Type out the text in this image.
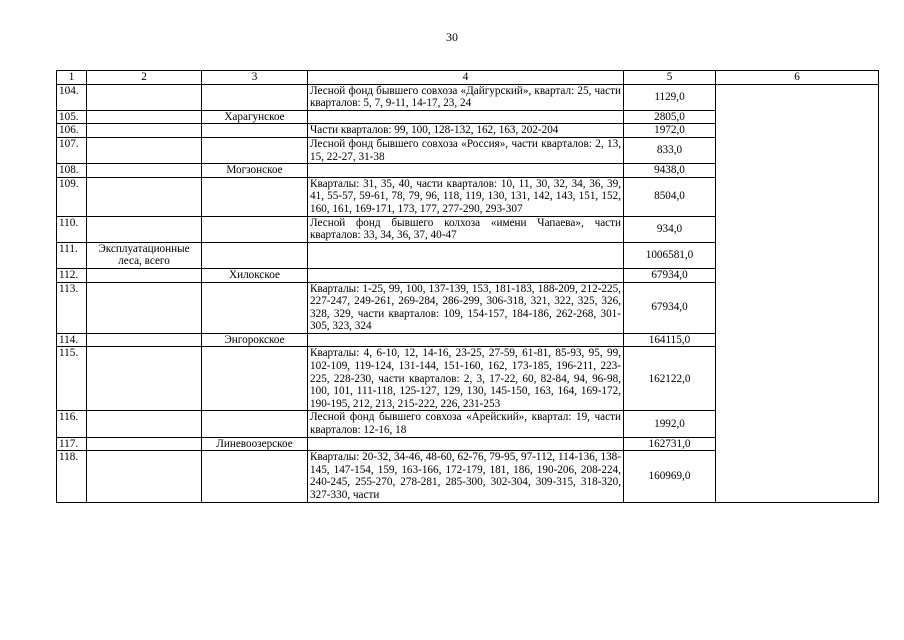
30
1	2	3	4	5	6
104.			Лесной фонд бывшего совхоза «Дайгурский», квартал: 25, части кварталов: 5, 7, 9-11, 14-17, 23, 24	1129,0	
105.		Харагунское		2805,0	
106.			Части кварталов: 99, 100, 128-132, 162, 163, 202-204	1972,0	
107.			Лесной фонд бывшего совхоза «Россия», части кварталов: 2, 13, 15, 22-27, 31-38	833,0	
108.		Могзонское		9438,0	
109.			Кварталы: 31, 35, 40, части кварталов: 10, 11, 30, 32, 34, 36, 39, 41, 55-57, 59-61, 78, 79, 96, 118, 119, 130, 131, 142, 143, 151, 152, 160, 161, 169-171, 173, 177, 277-290, 293-307	8504,0	
110.			Лесной фонд бывшего колхоза «имени Чапаева», части кварталов: 33, 34, 36, 37, 40-47	934,0	
111.	Эксплуатационные леса, всего			1006581,0	
112.		Хилокское		67934,0	
113.			Кварталы: 1-25, 99, 100, 137-139, 153, 181-183, 188-209, 212-225, 227-247, 249-261, 269-284, 286-299, 306-318, 321, 322, 325, 326, 328, 329, части кварталов: 109, 154-157, 184-186, 262-268, 301-305, 323, 324	67934,0	
114.		Энгорокское		164115,0	
115.			Кварталы: 4, 6-10, 12, 14-16, 23-25, 27-59, 61-81, 85-93, 95, 99, 102-109, 119-124, 131-144, 151-160, 162, 173-185, 196-211, 223-225, 228-230, части кварталов: 2, 3, 17-22, 60, 82-84, 94, 96-98, 100, 101, 111-118, 125-127, 129, 130, 145-150, 163, 164, 169-172, 190-195, 212, 213, 215-222, 226, 231-253	162122,0	
116.			Лесной фонд бывшего совхоза «Арейский», квартал: 19, части кварталов: 12-16, 18	1992,0	
117.		Линевоозерское		162731,0	
118.			Кварталы: 20-32, 34-46, 48-60, 62-76, 79-95, 97-112, 114-136, 138-145, 147-154, 159, 163-166, 172-179, 181, 186, 190-206, 208-224, 240-245, 255-270, 278-281, 285-300, 302-304, 309-315, 318-320, 327-330, части	160969,0	
